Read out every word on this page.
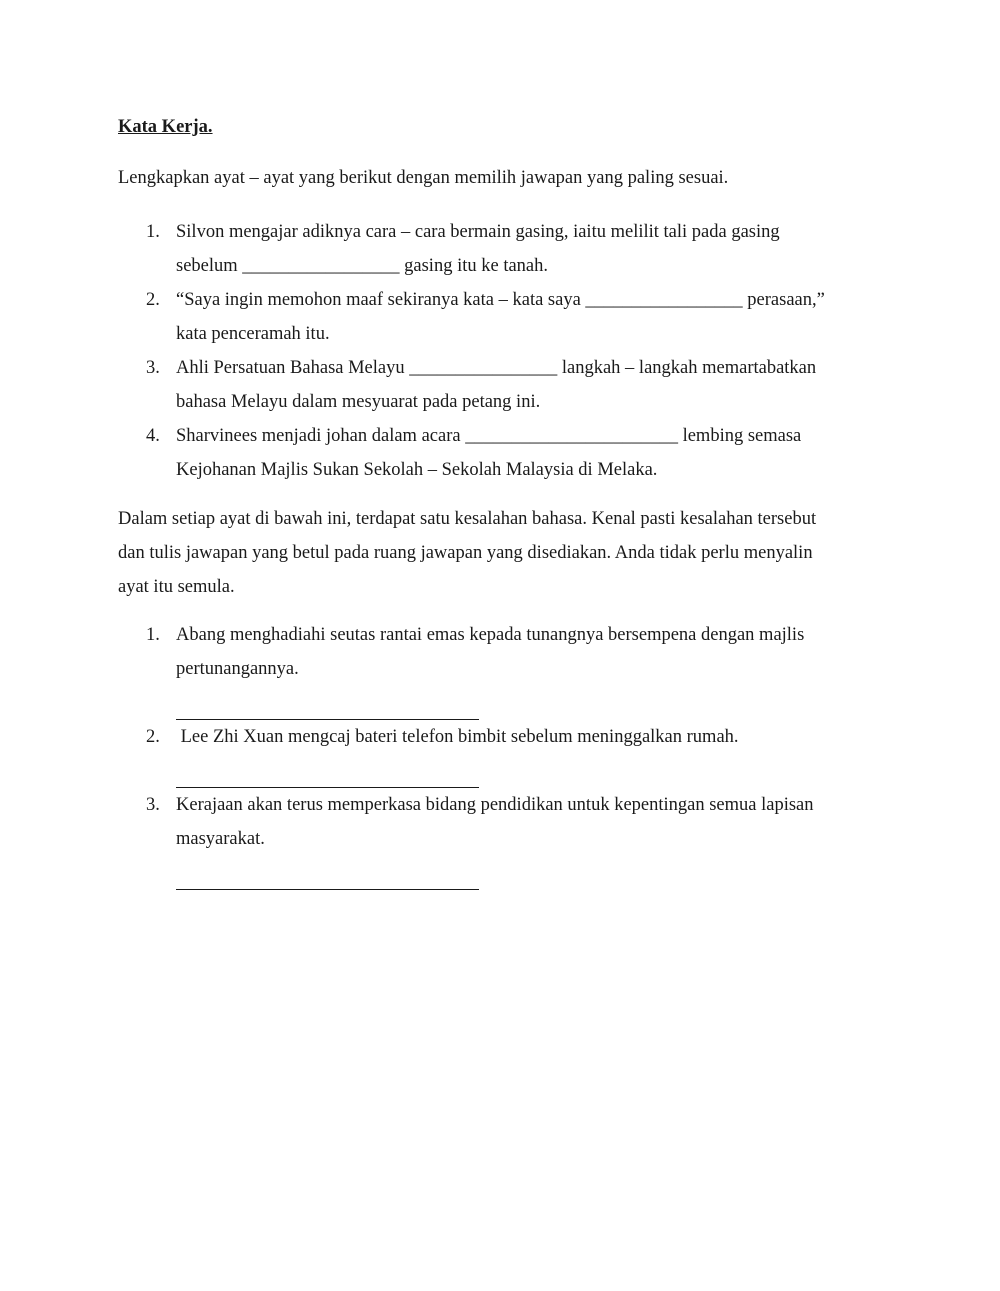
Kata Kerja.
Lengkapkan ayat – ayat yang berikut dengan memilih jawapan yang paling sesuai.
1. Silvon mengajar adiknya cara – cara bermain gasing, iaitu melilit tali pada gasing
sebelum _________________ gasing itu ke tanah.
2. “Saya ingin memohon maaf sekiranya kata – kata saya _________________ perasaan,”
kata penceramah itu.
3. Ahli Persatuan Bahasa Melayu ________________ langkah – langkah memartabatkan
bahasa Melayu dalam mesyuarat pada petang ini.
4. Sharvinees menjadi johan dalam acara _______________________ lembing semasa
Kejohanan Majlis Sukan Sekolah – Sekolah Malaysia di Melaka.
Dalam setiap ayat di bawah ini, terdapat satu kesalahan bahasa. Kenal pasti kesalahan tersebut
dan tulis jawapan yang betul pada ruang jawapan yang disediakan. Anda tidak perlu menyalin
ayat itu semula.
1. Abang menghadiahi seutas rantai emas kepada tunangnya bersempena dengan majlis
pertunangannya.
2. Lee Zhi Xuan mengcaj bateri telefon bimbit sebelum meninggalkan rumah.
3. Kerajaan akan terus memperkasa bidang pendidikan untuk kepentingan semua lapisan
masyarakat.
